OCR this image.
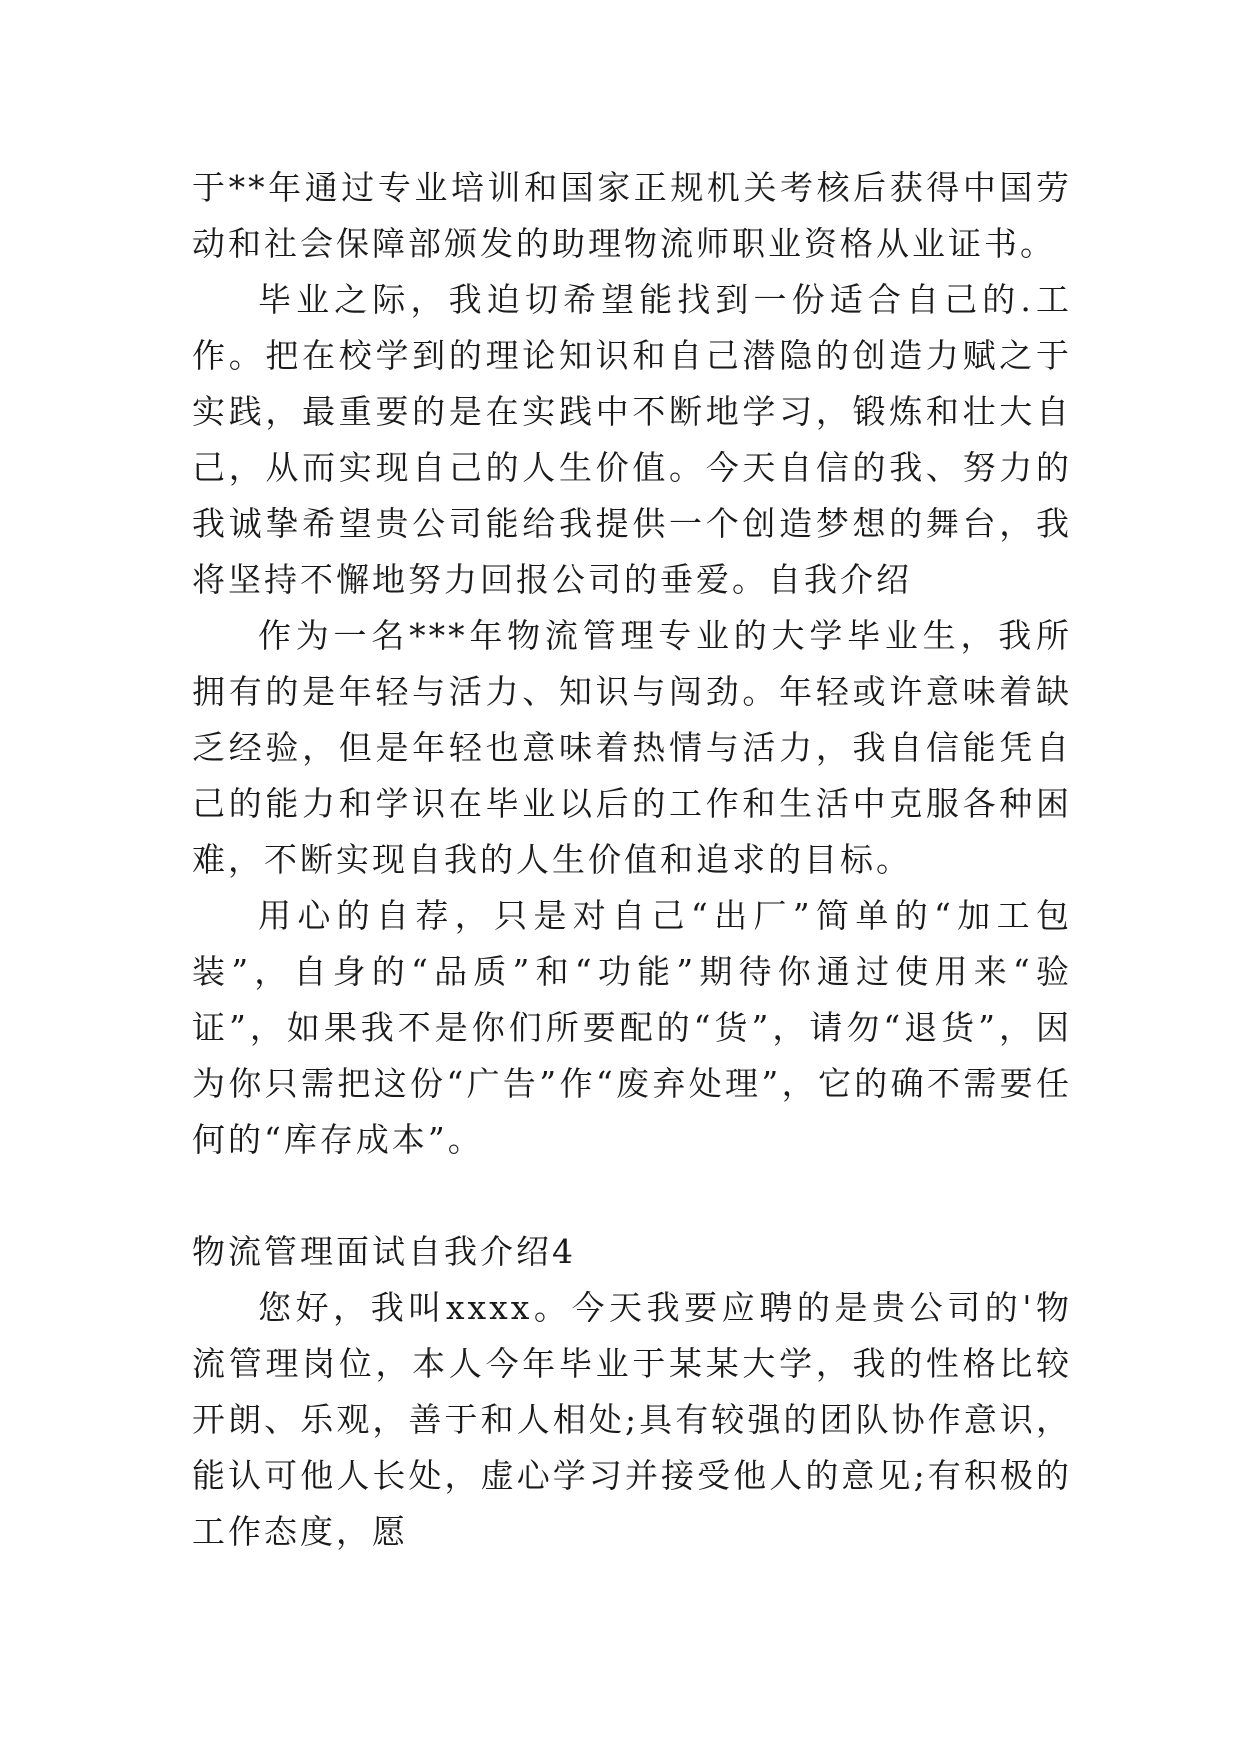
于**年通过专业培训和国家正规机关考核后获得中国劳动和社会保障部颁发的助理物流师职业资格从业证书。

毕业之际，我迫切希望能找到一份适合自己的.工作。把在校学到的理论知识和自己潜隐的创造力赋之于实践，最重要的是在实践中不断地学习，锻炼和壮大自己，从而实现自己的人生价值。今天自信的我、努力的我诚挚希望贵公司能给我提供一个创造梦想的舞台，我将坚持不懈地努力回报公司的垂爱。自我介绍

作为一名***年物流管理专业的大学毕业生，我所拥有的是年轻与活力、知识与闯劲。年轻或许意味着缺乏经验，但是年轻也意味着热情与活力，我自信能凭自己的能力和学识在毕业以后的工作和生活中克服各种困难，不断实现自我的人生价值和追求的目标。

用心的自荐，只是对自己“出厂”简单的“加工包装”，自身的“品质”和“功能”期待你通过使用来“验证”，如果我不是你们所要配的“货”，请勿“退货”，因为你只需把这份“广告”作“废弃处理”，它的确不需要任何的“库存成本”。

物流管理面试自我介绍4

您好，我叫xxxx。今天我要应聘的是贵公司的'物流管理岗位，本人今年毕业于某某大学，我的性格比较开朗、乐观，善于和人相处;具有较强的团队协作意识，能认可他人长处，虚心学习并接受他人的意见;有积极的工作态度，愿
